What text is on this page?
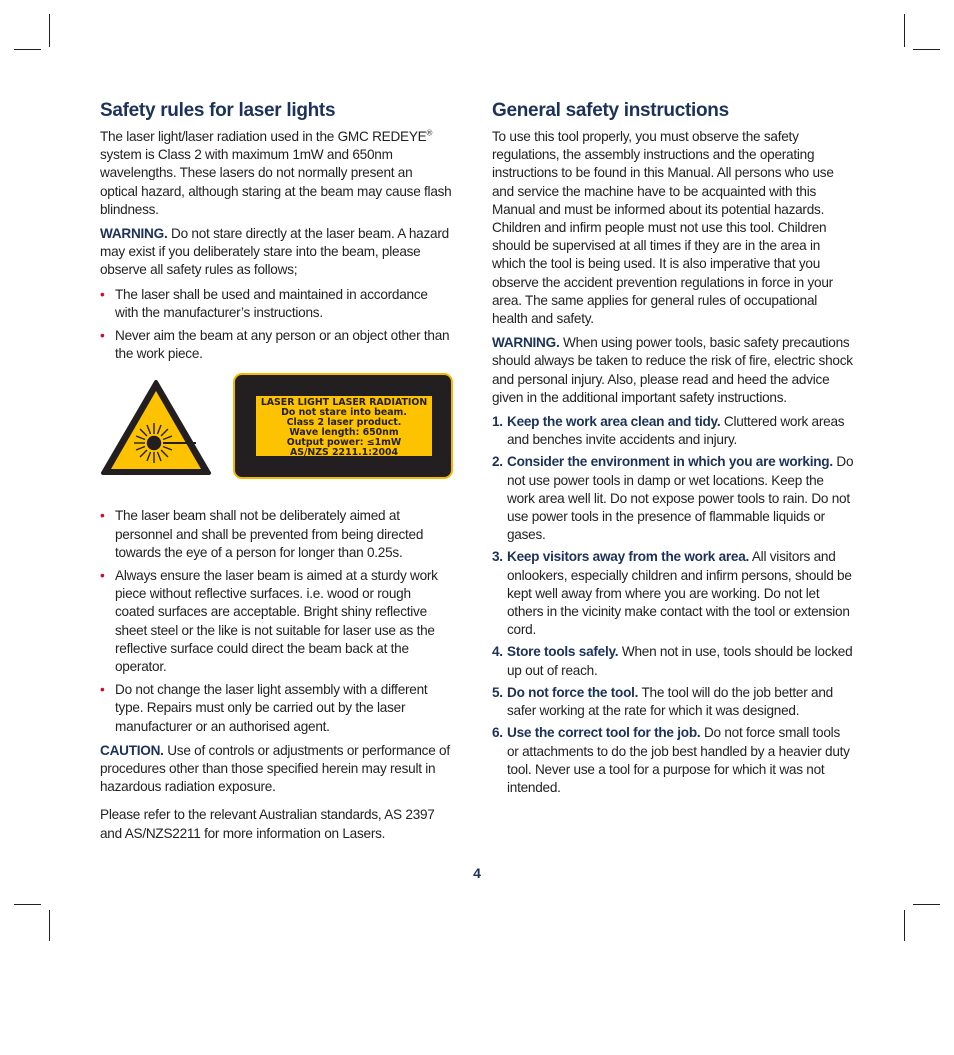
Safety rules for laser lights

The laser light/laser radiation used in the GMC REDEYE® system is Class 2 with maximum 1mW and 650nm wavelengths. These lasers do not normally present an optical hazard, although staring at the beam may cause flash blindness.

WARNING. Do not stare directly at the laser beam. A hazard may exist if you deliberately stare into the beam, please observe all safety rules as follows;

• The laser shall be used and maintained in accordance with the manufacturer’s instructions.
• Never aim the beam at any person or an object other than the work piece.
LASER LIGHT LASER RADIATION
Do not stare into beam.
Class 2 laser product.
Wave length: 650nm
Output power: ≤1mW
AS/NZS 2211.1:2004
• The laser beam shall not be deliberately aimed at personnel and shall be prevented from being directed towards the eye of a person for longer than 0.25s.
• Always ensure the laser beam is aimed at a sturdy work piece without reflective surfaces. i.e. wood or rough coated surfaces are acceptable. Bright shiny reflective sheet steel or the like is not suitable for laser use as the reflective surface could direct the beam back at the operator.
• Do not change the laser light assembly with a different type. Repairs must only be carried out by the laser manufacturer or an authorised agent.

CAUTION. Use of controls or adjustments or performance of procedures other than those specified herein may result in hazardous radiation exposure.

Please refer to the relevant Australian standards, AS 2397 and AS/NZS2211 for more information on Lasers.

General safety instructions

To use this tool properly, you must observe the safety regulations, the assembly instructions and the operating instructions to be found in this Manual. All persons who use and service the machine have to be acquainted with this Manual and must be informed about its potential hazards. Children and infirm people must not use this tool. Children should be supervised at all times if they are in the area in which the tool is being used. It is also imperative that you observe the accident prevention regulations in force in your area. The same applies for general rules of occupational health and safety.

WARNING. When using power tools, basic safety precautions should always be taken to reduce the risk of fire, electric shock and personal injury. Also, please read and heed the advice given in the additional important safety instructions.

1. Keep the work area clean and tidy. Cluttered work areas and benches invite accidents and injury.
2. Consider the environment in which you are working. Do not use power tools in damp or wet locations. Keep the work area well lit. Do not expose power tools to rain. Do not use power tools in the presence of flammable liquids or gases.
3. Keep visitors away from the work area. All visitors and onlookers, especially children and infirm persons, should be kept well away from where you are working. Do not let others in the vicinity make contact with the tool or extension cord.
4. Store tools safely. When not in use, tools should be locked up out of reach.
5. Do not force the tool. The tool will do the job better and safer working at the rate for which it was designed.
6. Use the correct tool for the job. Do not force small tools or attachments to do the job best handled by a heavier duty tool. Never use a tool for a purpose for which it was not intended.
4
